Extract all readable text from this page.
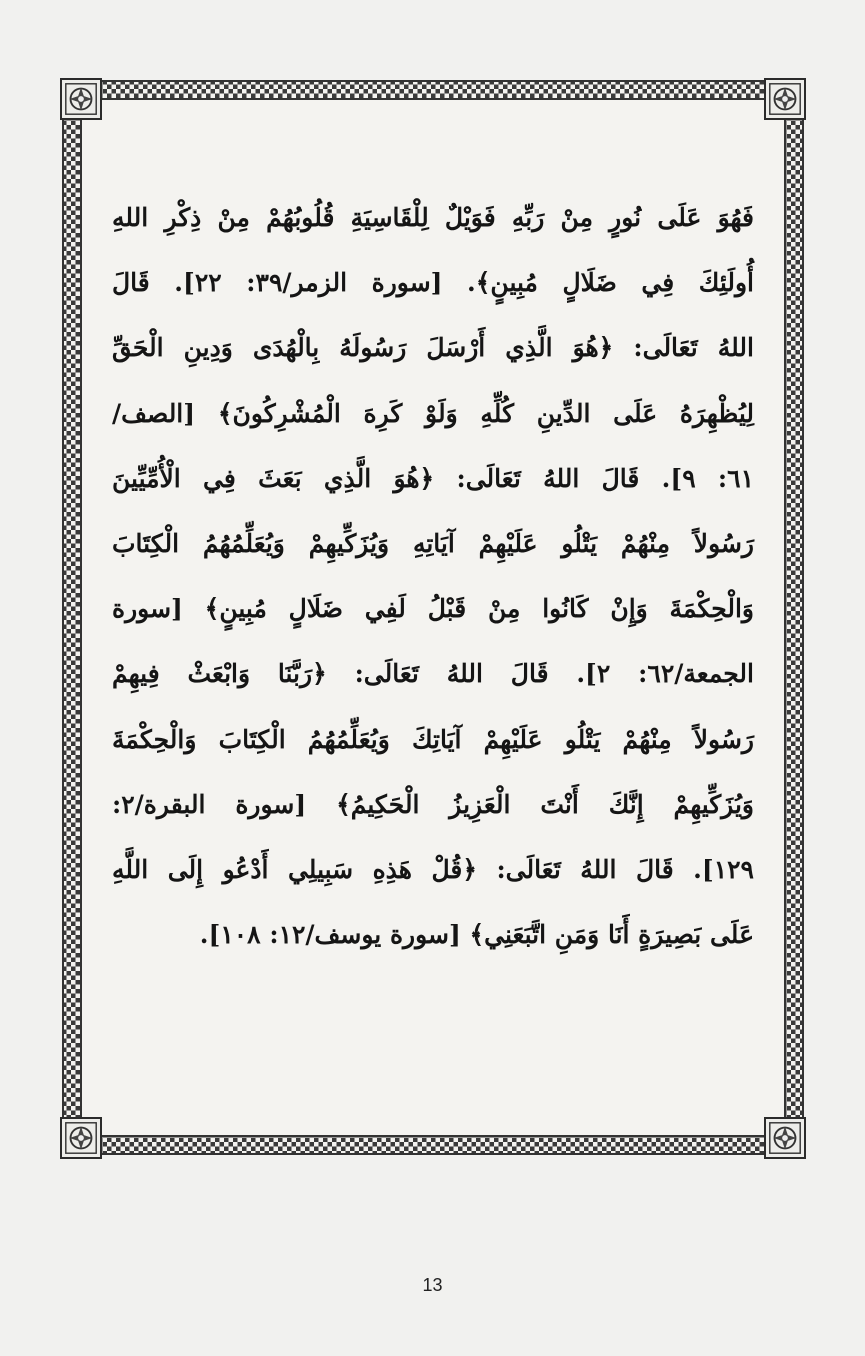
فَهُوَ عَلَى نُورٍ مِنْ رَبِّهِ فَوَيْلٌ لِلْقَاسِيَةِ قُلُوبُهُمْ مِنْ ذِكْرِ اللهِ
أُولَئِكَ فِي ضَلَالٍ مُبِينٍ﴾. [سورة الزمر/٣٩: ٢٢]. قَالَ
اللهُ تَعَالَى: ﴿هُوَ الَّذِي أَرْسَلَ رَسُولَهُ بِالْهُدَى وَدِينِ الْحَقِّ
لِيُظْهِرَهُ عَلَى الدِّينِ كُلِّهِ وَلَوْ كَرِهَ الْمُشْرِكُونَ﴾ [الصف/
٦١: ٩]. قَالَ اللهُ تَعَالَى: ﴿هُوَ الَّذِي بَعَثَ فِي الْأُمِّيِّينَ
رَسُولاً مِنْهُمْ يَتْلُو عَلَيْهِمْ آيَاتِهِ وَيُزَكِّيهِمْ وَيُعَلِّمُهُمُ الْكِتَابَ
وَالْحِكْمَةَ وَإِنْ كَانُوا مِنْ قَبْلُ لَفِي ضَلَالٍ مُبِينٍ﴾ [سورة
الجمعة/٦٢: ٢]. قَالَ اللهُ تَعَالَى: ﴿رَبَّنَا وَابْعَثْ فِيهِمْ
رَسُولاً مِنْهُمْ يَتْلُو عَلَيْهِمْ آيَاتِكَ وَيُعَلِّمُهُمُ الْكِتَابَ وَالْحِكْمَةَ
وَيُزَكِّيهِمْ إِنَّكَ أَنْتَ الْعَزِيزُ الْحَكِيمُ﴾ [سورة البقرة/٢:
١٢٩]. قَالَ اللهُ تَعَالَى: ﴿قُلْ هَذِهِ سَبِيلِي أَدْعُو إِلَى اللَّهِ
عَلَى بَصِيرَةٍ أَنَا وَمَنِ اتَّبَعَنِي﴾ [سورة يوسف/١٢: ١٠٨].
13
